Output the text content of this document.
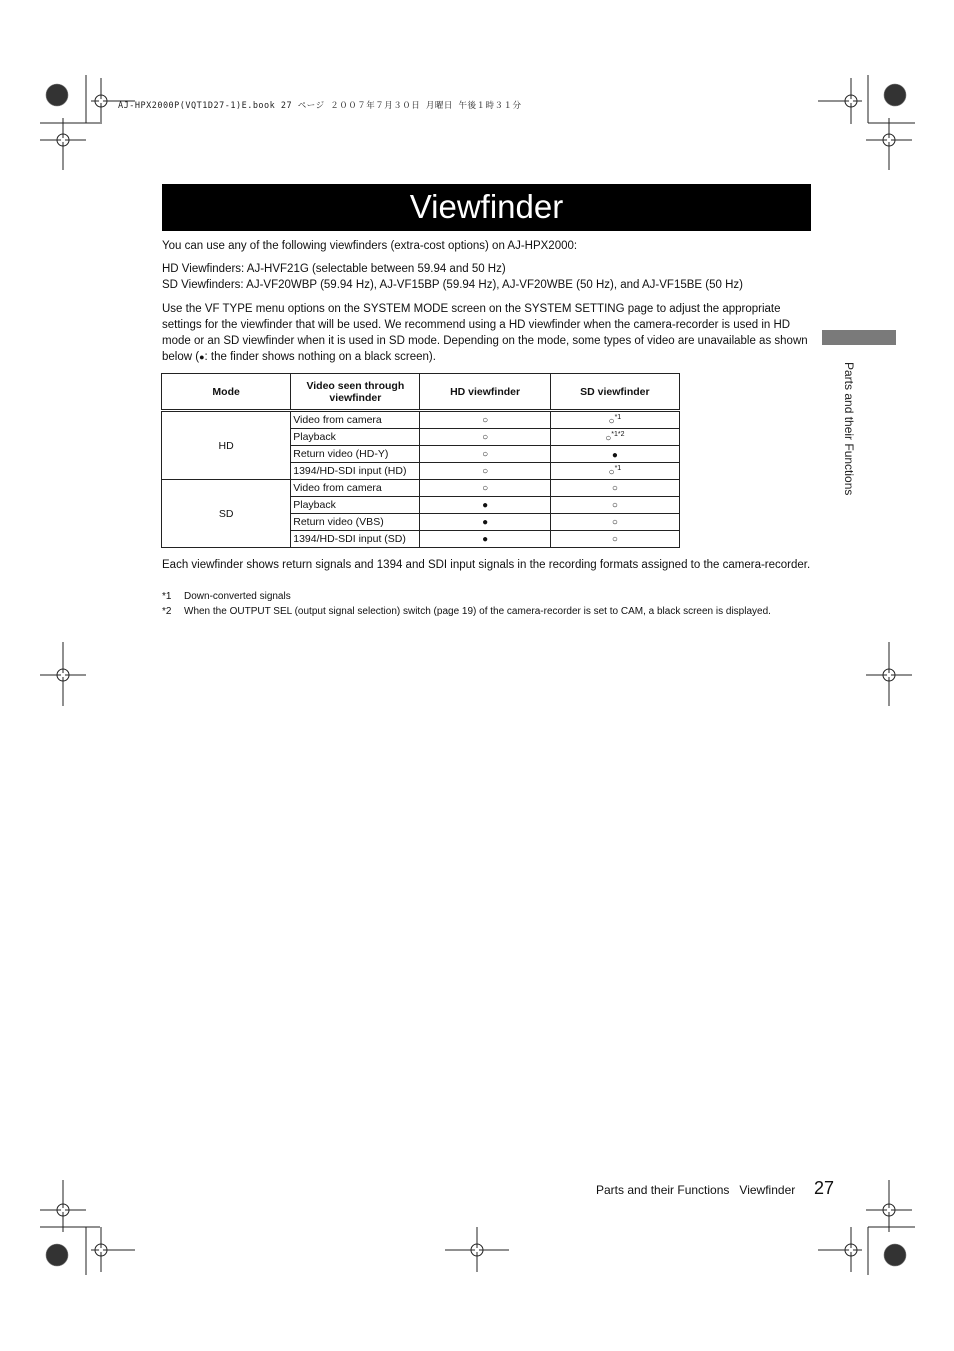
AJ-HPX2000P(VQT1D27-1)E.book 27 ページ ２００７年７月３０日 月曜日 午後１時３１分
Viewfinder
Parts and their Functions
You can use any of the following viewfinders (extra-cost options) on AJ-HPX2000:
HD Viewfinders: AJ-HVF21G (selectable between 59.94 and 50 Hz)
SD Viewfinders: AJ-VF20WBP (59.94 Hz), AJ-VF15BP (59.94 Hz), AJ-VF20WBE (50 Hz), and AJ-VF15BE (50 Hz)
Use the VF TYPE menu options on the SYSTEM MODE screen on the SYSTEM SETTING page to adjust the appropriate settings for the viewfinder that will be used. We recommend using a HD viewfinder when the camera-recorder is used in HD mode or an SD viewfinder when it is used in SD mode. Depending on the mode, some types of video are unavailable as shown below (●: the finder shows nothing on a black screen).
Mode	Video seen through viewfinder	HD viewfinder	SD viewfinder
HD	Video from camera	○	○$^{*1}$
	Playback	○	○$^{*1*2}$
	Return video (HD-Y)	○	●
	1394/HD-SDI input (HD)	○	○$^{*1}$
SD	Video from camera	○	○
	Playback	●	○
	Return video (VBS)	●	○
	1394/HD-SDI input (SD)	●	○
Each viewfinder shows return signals and 1394 and SDI input signals in the recording formats assigned to the camera-recorder.
*1 Down-converted signals
*2 When the OUTPUT SEL (output signal selection) switch (page 19) of the camera-recorder is set to CAM, a black screen is displayed.
Parts and their Functions Viewfinder 27
